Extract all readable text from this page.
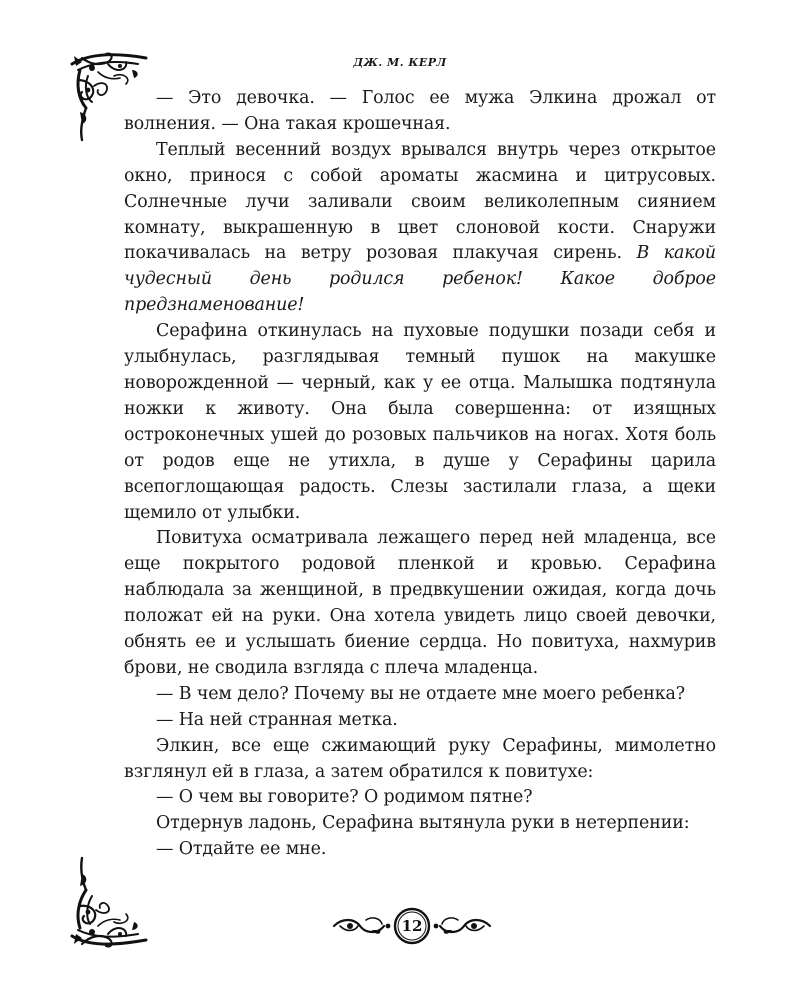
ДЖ. М. КЕРЛ

— Это девочка. — Голос ее мужа Элкина дрожал от волнения. — Она такая крошечная.

Теплый весенний воздух врывался внутрь через открытое окно, принося с собой ароматы жасмина и цитрусовых. Солнечные лучи заливали своим великолепным сиянием комнату, выкрашенную в цвет слоновой кости. Снаружи покачивалась на ветру розовая плакучая сирень. В какой чудесный день родился ребенок! Какое доброе предзнаменование!

Серафина откинулась на пуховые подушки позади себя и улыбнулась, разглядывая темный пушок на макушке новорожденной — черный, как у ее отца. Малышка подтянула ножки к животу. Она была совершенна: от изящных остроконечных ушей до розовых пальчиков на ногах. Хотя боль от родов еще не утихла, в душе у Серафины царила всепоглощающая радость. Слезы застилали глаза, а щеки щемило от улыбки.

Повитуха осматривала лежащего перед ней младенца, все еще покрытого родовой пленкой и кровью. Серафина наблюдала за женщиной, в предвкушении ожидая, когда дочь положат ей на руки. Она хотела увидеть лицо своей девочки, обнять ее и услышать биение сердца. Но повитуха, нахмурив брови, не сводила взгляда с плеча младенца.

— В чем дело? Почему вы не отдаете мне моего ребенка?

— На ней странная метка.

Элкин, все еще сжимающий руку Серафины, мимолетно взглянул ей в глаза, а затем обратился к повитухе:

— О чем вы говорите? О родимом пятне?

Отдернув ладонь, Серафина вытянула руки в нетерпении:

— Отдайте ее мне.

12
